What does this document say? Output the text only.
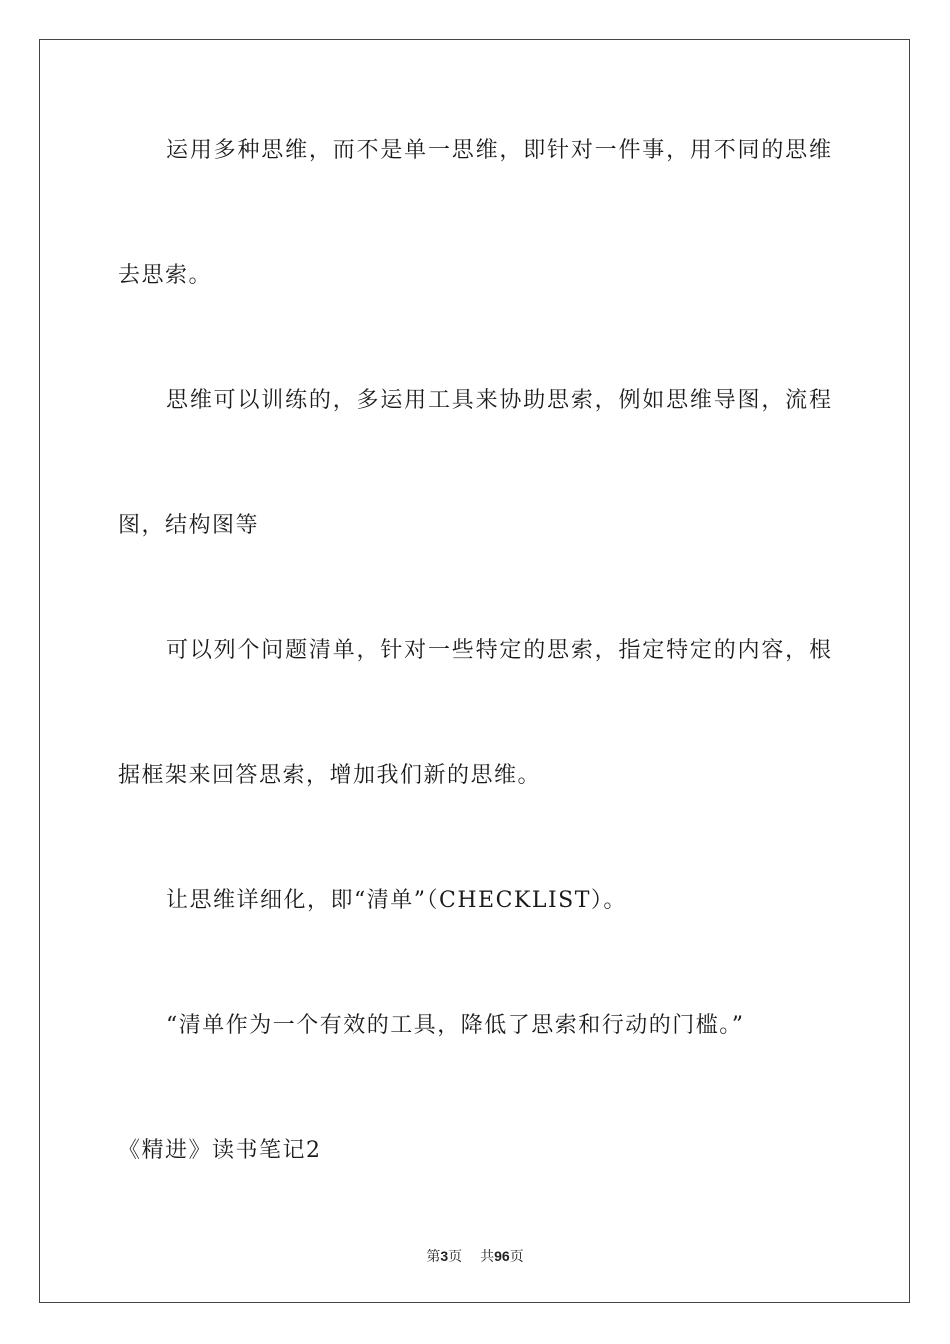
运用多种思维，而不是单一思维，即针对一件事，用不同的思维
去思索。
思维可以训练的，多运用工具来协助思索，例如思维导图，流程
图，结构图等
可以列个问题清单，针对一些特定的思索，指定特定的内容，根
据框架来回答思索，增加我们新的思维。
让思维详细化，即“清单”（CHECKLIST）。
“清单作为一个有效的工具，降低了思索和行动的门槛。”
《精进》读书笔记2
第3页 共96页
